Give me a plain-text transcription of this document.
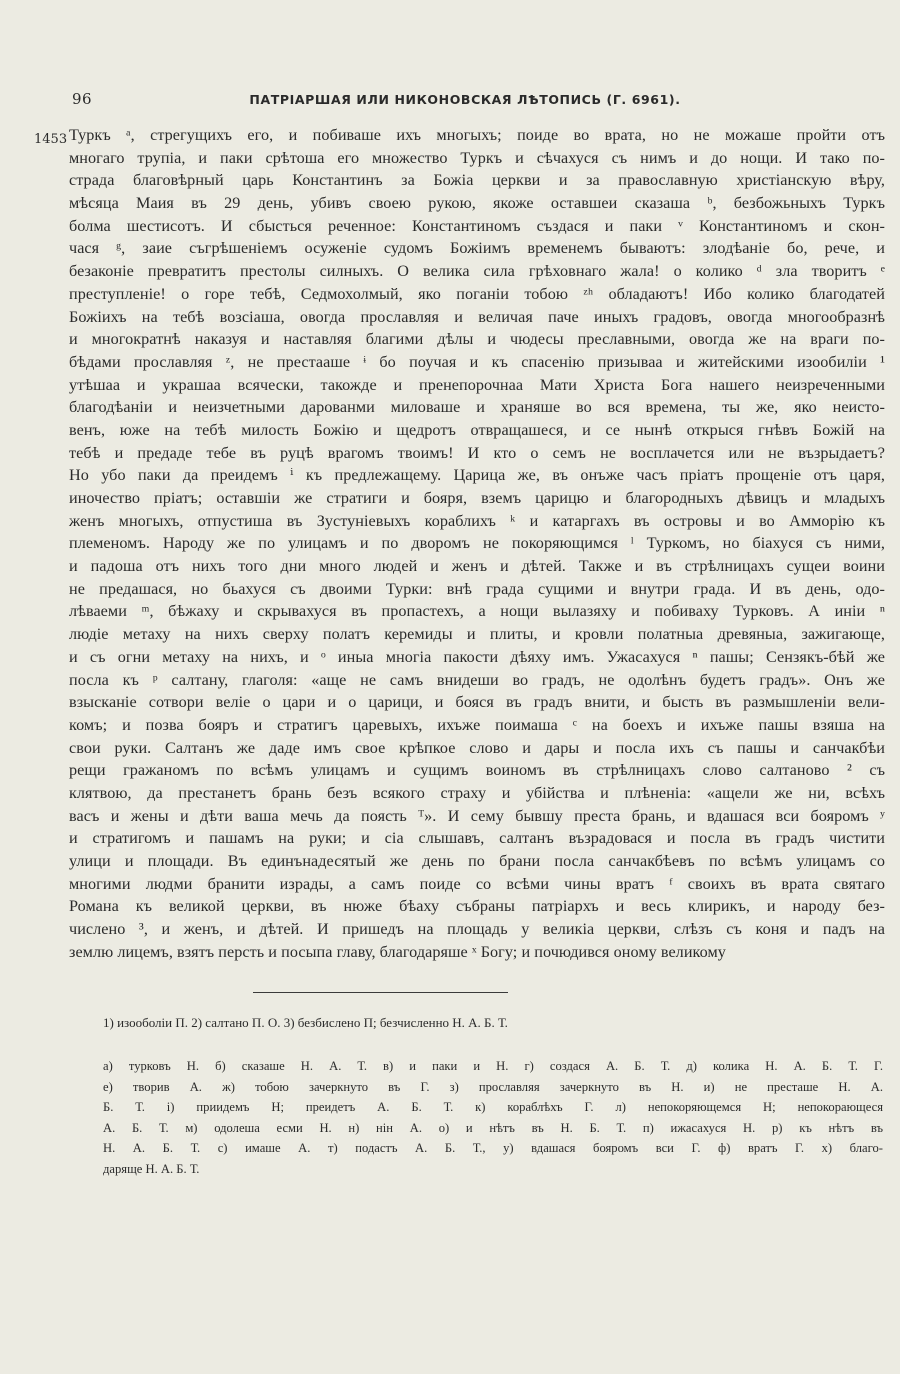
96	ПАТРІАРШАЯ ИЛИ НИКОНОВСКАЯ ЛѢТОПИСЬ (Г. 6961).
1453 Туркъ ᵃ, стрегущихъ его, и побиваше ихъ многыхъ; поиде во врата, но не можаше пройти отъ
многаго трупіа, и паки срѣтоша его множество Туркъ и сѣчахуся съ нимъ и до нощи. И тако по-
страда благовѣрный царь Константинъ за Божіа церкви и за православную христіанскую вѣру,
мѣсяца Маия въ 29 день, убивъ своею рукою, якоже оставшеи сказаша ᵇ, безбожьныхъ Туркъ
болма шестисотъ. И сбысться реченное: Константиномъ създася и паки ᵛ Константиномъ и скон-
чася ᵍ, заие съгрѣшеніемъ осуженіе судомъ Божіимъ временемъ бываютъ: злодѣаніе бо, рече, и
безаконіе превратитъ престолы силныхъ. О велика сила грѣховнаго жала! о колико ᵈ зла творитъ ᵉ
преступленіе! о горе тебѣ, Седмохолмый, яко поганіи тобою ᶻʰ обладаютъ! Ибо колико благодатей
Божіихъ на тебѣ возсіаша, овогда прославляя и величая паче иныхъ градовъ, овогда многообразнѣ
и многократнѣ наказуя и наставляя благими дѣлы и чюдесы преславными, овогда же на враги по-
бѣдами прославляя ᶻ, не престааше ᶤ бо поучая и къ спасенію призываа и житейскими изообиліи ¹
утѣшаа и украшаа всячески, такожде и пренепорочнаа Мати Христа Бога нашего неизреченными
благодѣаніи и неизчетными дарованми миловаше и храняше во вся времена, ты же, яко неисто-
венъ, юже на тебѣ милость Божію и щедротъ отвращашеся, и се нынѣ открыся гнѣвъ Божій на
тебѣ и предаде тебе въ руцѣ врагомъ твоимъ! И кто о семъ не восплачется или не възрыдаетъ?
Но убо паки да преидемъ ⁱ къ предлежащему. Царица же, въ онъже часъ пріатъ прощеніе отъ царя,
иночество пріатъ; оставшіи же стратиги и бояря, вземъ царицю и благородныхъ дѣвицъ и младыхъ
женъ многыхъ, отпустиша въ Зустуніевыхъ кораблихъ ᵏ и катаргахъ въ островы и во Амморію къ
племеномъ. Народу же по улицамъ и по дворомъ не покоряющимся ˡ Туркомъ, но біахуся съ ними,
и падоша отъ нихъ того дни много людей и женъ и дѣтей. Также и въ стрѣлницахъ сущеи воини
не предашася, но бьахуся съ двоими Турки: внѣ града сущими и внутри града. И въ день, одо-
лѣваеми ᵐ, бѣжаху и скрывахуся въ пропастехъ, а нощи вылазяху и побиваху Турковъ. А иніи ⁿ
людіе метаху на нихъ сверху полатъ керемиды и плиты, и кровли полатныа древяныа, зажигающе,
и съ огни метаху на нихъ, и ᵒ иныа многіа пакости дѣяху имъ. Ужасахуся ⁿ пашы; Сензякъ-бѣй же
посла къ ᵖ салтану, глаголя: «аще не самъ внидеши во градъ, не одолѣнъ будетъ градъ». Онъ же
взысканіе сотвори веліе о цари и о царици, и бояся въ градъ внити, и бысть въ размышленіи вели-
комъ; и позва бояръ и стратигъ царевыхъ, ихъже поимаша ᶜ на боехъ и ихъже пашы взяша на
свои руки. Салтанъ же даде имъ свое крѣпкое слово и дары и посла ихъ съ пашы и санчакбѣи
рещи гражаномъ по всѣмъ улицамъ и сущимъ воиномъ въ стрѣлницахъ слово салтаново ² съ
клятвою, да престанетъ брань безъ всякого страху и убійства и плѣненіа: «ащели же ни, всѣхъ
васъ и жены и дѣти ваша мечь да поясть ᵀ». И сему бывшу преста брань, и вдашася вси бояромъ ʸ
и стратигомъ и пашамъ на руки; и сіа слышавъ, салтанъ възрадовася и посла въ градъ чистити
улици и площади. Въ единънадесятый же день по брани посла санчакбѣевъ по всѣмъ улицамъ со
многими людми бранити израды, а самъ поиде со всѣми чины вратъ ᶠ своихъ въ врата святаго
Романа къ великой церкви, въ нюже бѣаху събраны патріархъ и весь клирикъ, и народу без-
численo ³, и женъ, и дѣтей. И пришедъ на площадь у великіа церкви, слѣзъ съ коня и падъ на
землю лицемъ, взятъ персть и посыпа главу, благодаряше ˣ Богу; и почюдився оному великому
1) изооболіи П. 2) салтано П. О. 3) безбислено П; безчисленно Н. А. Б. Т.
а) турковъ Н. б) сказаше Н. А. Т. в) и паки и Н. г) создася А. Б. Т. д) колика Н. А. Б. Т. Г.
е) творив А. ж) тобою зачеркнуто въ Г. з) прославляя зачеркнуто въ Н. и) не престаше Н. А.
Б. Т. і) приидемъ Н; преидетъ А. Б. Т. к) кораблѣхъ Г. л) непокоряющемся Н; непокорающеся
А. Б. Т. м) одолеша есми Н. н) нін А. о) и нѣтъ въ Н. Б. Т. п) ижасахуся Н. р) къ нѣтъ въ
Н. А. Б. Т. с) имаше А. т) подастъ А. Б. Т., у) вдашася бояромъ вси Г. ф) вратъ Г. х) благо-
даряще Н. А. Б. Т.
